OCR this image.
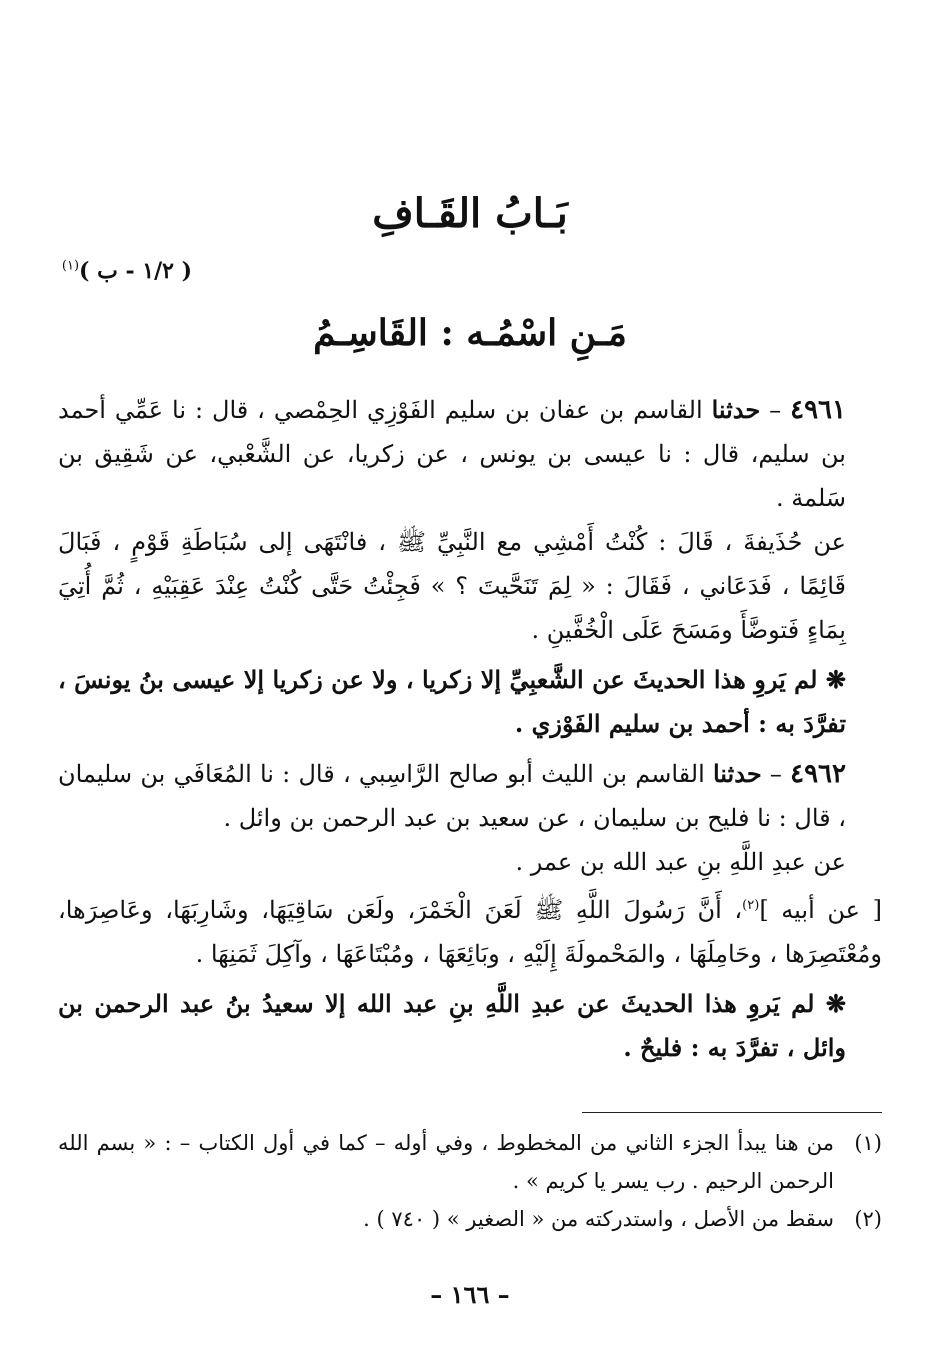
بَـابُ القَـافِ
( ١/٢ - ب )$^{(١)}$
مَـنِ اسْمُـه : القَاسِـمُ

٤٩٦١ – حدثنا القاسم بن عفان بن سليم الفَوْزِي الحِمْصي ، قال : نا عَمِّي أحمد بن سليم، قال : نا عيسى بن يونس ، عن زكريا، عن الشَّعْبي، عن شَقِيق بن سَلمة .

عن حُذَيفةَ ، قَالَ : كُنْتُ أَمْشِي مع النَّبِيِّ ﷺ ، فانْتَهَى إلى سُبَاطَةِ قَوْمٍ ، فَبَالَ قَائِمًا ، فَدَعَاني ، فَقَالَ : « لِمَ تَنَحَّيتَ ؟ » فَجِئْتُ حَتَّى كُنْتُ عِنْدَ عَقِبَيْهِ ، ثُمَّ أُتِيَ بِمَاءٍ فَتوضَّأَ ومَسَحَ عَلَى الْخُفَّينِ .

❋ لم يَروِ هذا الحديثَ عن الشَّعبِيِّ إلا زكريا ، ولا عن زكريا إلا عيسى بنُ يونسَ ، تفرَّدَ به : أحمد بن سليم الفَوْزي .

٤٩٦٢ – حدثنا القاسم بن الليث أبو صالح الرَّاسِبي ، قال : نا المُعَافَي بن سليمان ، قال : نا فليح بن سليمان ، عن سعيد بن عبد الرحمن بن وائل .

عن عبدِ اللَّهِ بنِ عبد الله بن عمر .

[ عن أبيه ]$^{(٢)}$، أَنَّ رَسُولَ اللَّهِ ﷺ لَعَنَ الْخَمْرَ، ولَعَن سَاقِيَهَا، وشَارِبَهَا، وعَاصِرَها، ومُعْتَصِرَها ، وحَامِلَهَا ، والمَحْمولَةَ إِلَيْهِ ، وبَائِعَهَا ، ومُبْتَاعَهَا ، وآكِلَ ثَمَنِهَا .

❋ لم يَروِ هذا الحديثَ عن عبدِ اللَّهِ بنِ عبد الله إلا سعيدُ بنُ عبد الرحمن بن وائل ، تفرَّدَ به : فليحٌ .

(١)
من هنا يبدأ الجزء الثاني من المخطوط ، وفي أوله – كما في أول الكتاب – : « بسم الله الرحمن الرحيم . رب يسر يا كريم » .
(٢)
سقط من الأصل ، واستدركته من « الصغير » ( ٧٤٠ ) .
– ١٦٦ –
